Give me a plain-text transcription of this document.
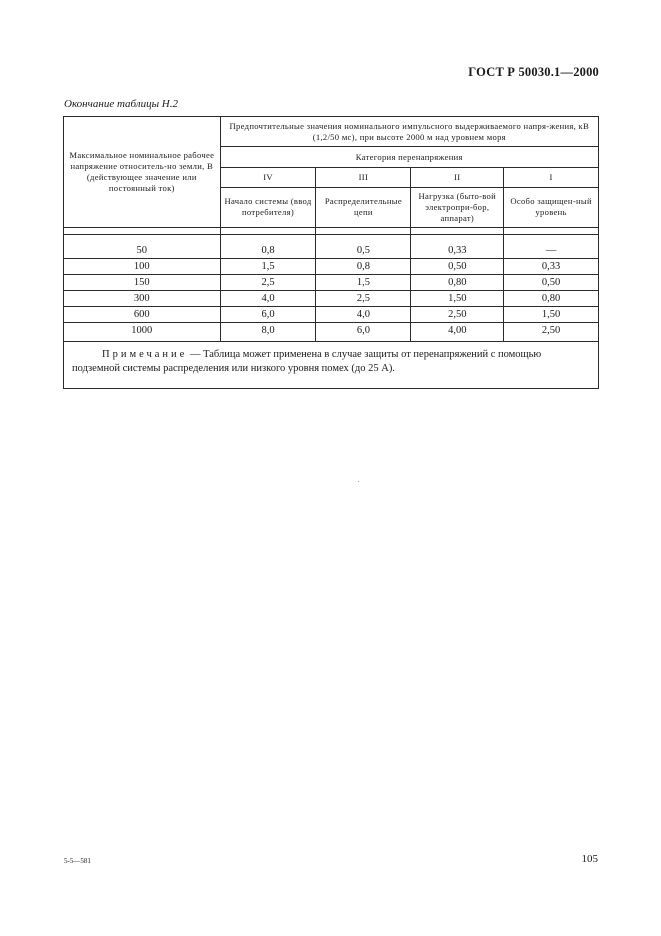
ГОСТ Р 50030.1—2000
Окончание таблицы Н.2
Максимальное номинальное рабочее напряжение относитель-но земли, В (действующее значение или постоянный ток)	Предпочтительные значения номинального импульсного выдерживаемого напря-жения, кВ (1,2/50 мс), при высоте 2000 м над уровнем моря			
	Категория перенапряжения			
	IV	III	II	I
	Начало системы (ввод потребителя)	Распределительные цепи	Нагрузка (быто-вой электропри-бор, аппарат)	Особо защищен-ный уровень

50	0,8	0,5	0,33	—
100	1,5	0,8	0,50	0,33
150	2,5	1,5	0,80	0,50
300	4,0	2,5	1,50	0,80
600	6,0	4,0	2,50	1,50
1000	8,0	6,0	4,00	2,50

Примечание — Таблица может применена в случае защиты от перенапряжений с помощью подземной системы распределения или низкого уровня помех (до 25 А).				
5-5—581	105
